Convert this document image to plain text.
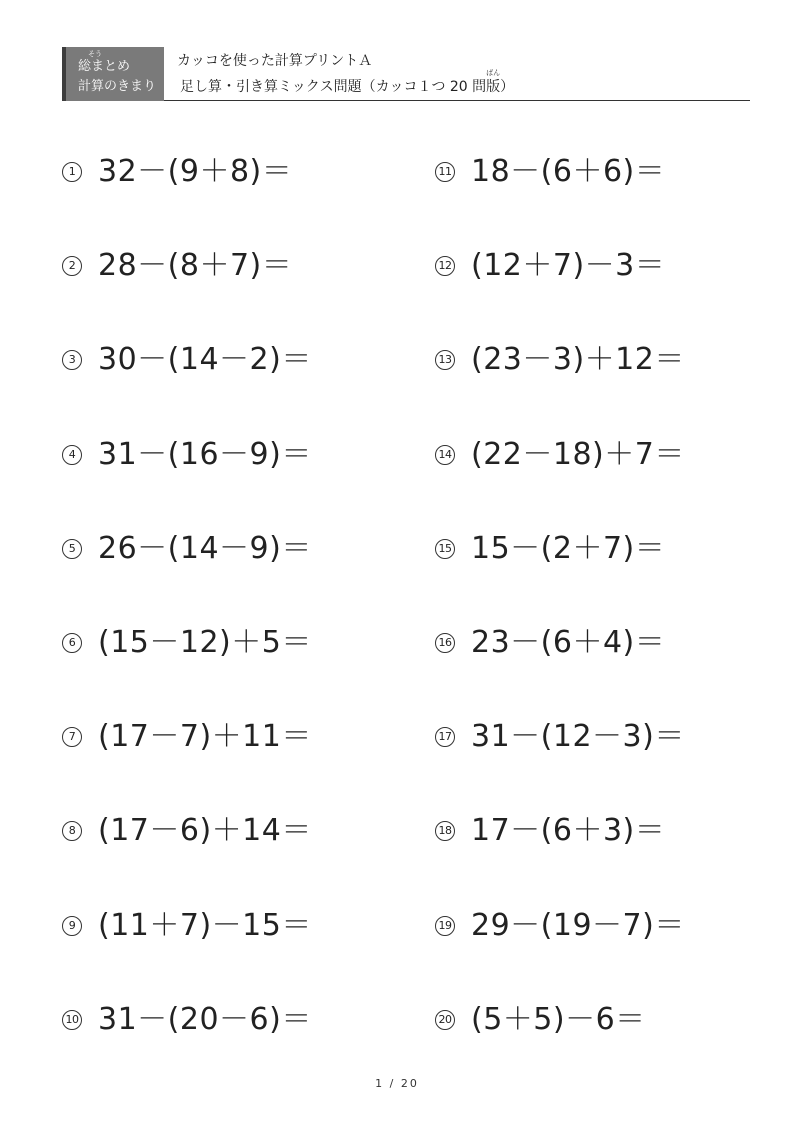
そう
総まとめ
計算のきまり
カッコを使った計算プリントＡ
足し算・引き算ミックス問題（カッコ１つ 20 問
ばん
版）
1 32－(9＋8)＝
2 28－(8＋7)＝
3 30－(14－2)＝
4 31－(16－9)＝
5 26－(14－9)＝
6 (15－12)＋5＝
7 (17－7)＋11＝
8 (17－6)＋14＝
9 (11＋7)－15＝
10 31－(20－6)＝
11 18－(6＋6)＝
12 (12＋7)－3＝
13 (23－3)＋12＝
14 (22－18)＋7＝
15 15－(2＋7)＝
16 23－(6＋4)＝
17 31－(12－3)＝
18 17－(6＋3)＝
19 29－(19－7)＝
20 (5＋5)－6＝
1 / 20
